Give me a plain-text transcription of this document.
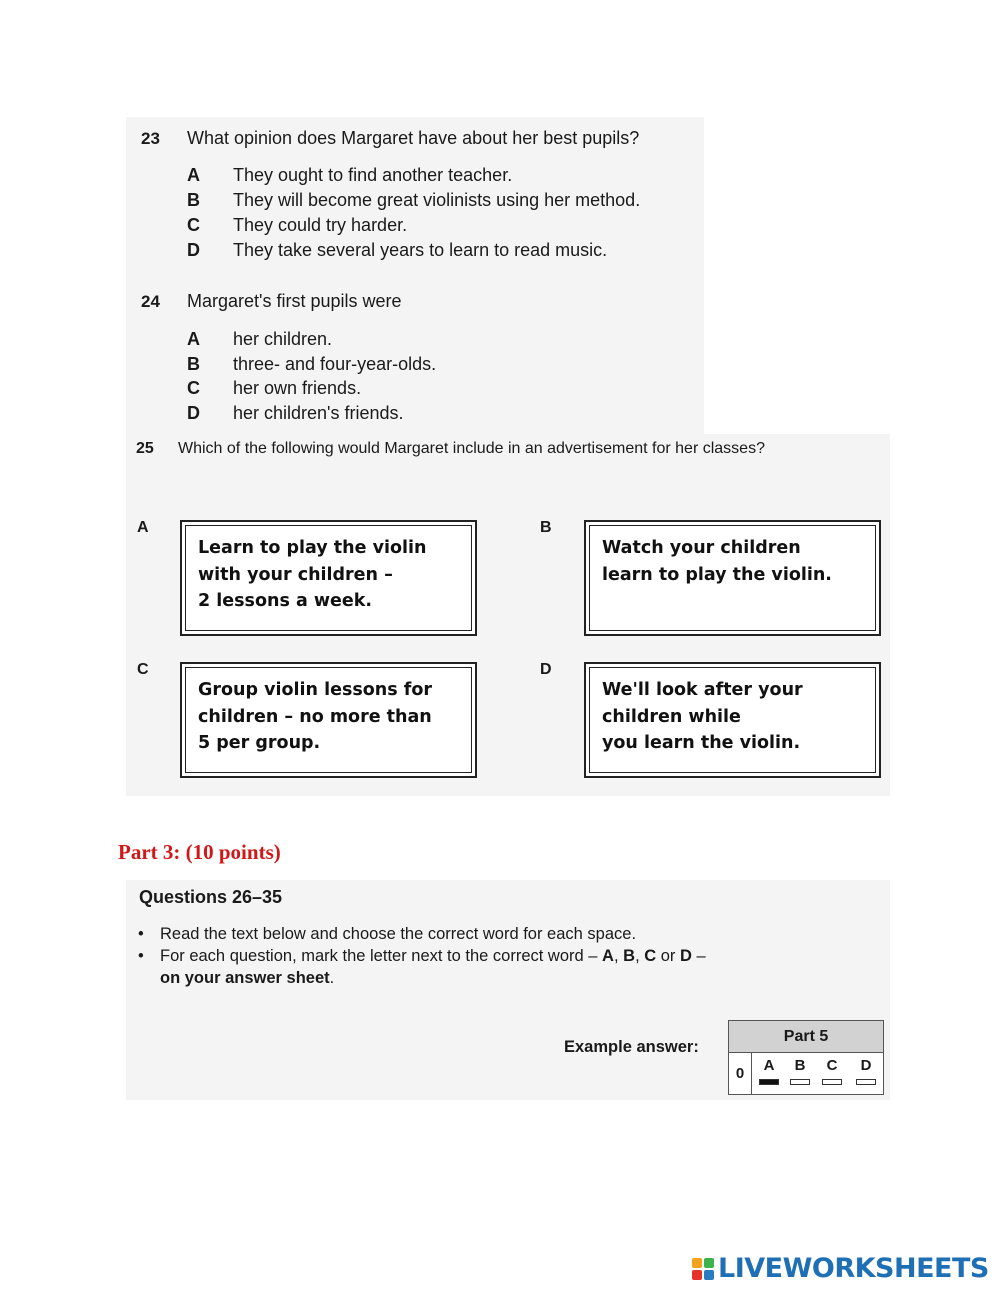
23 What opinion does Margaret have about her best pupils?
A	They ought to find another teacher.
B	They will become great violinists using her method.
C	They could try harder.
D	They take several years to learn to read music.
24 Margaret's first pupils were
A	her children.
B	three- and four-year-olds.
C	her own friends.
D	her children's friends.
25 Which of the following would Margaret include in an advertisement for her classes?
A
Learn to play the violin
with your children –
2 lessons a week.
B
Watch your children
learn to play the violin.
C
Group violin lessons for
children – no more than
5 per group.
D
We'll look after your
children while
you learn the violin.
Part 3: (10 points)
Questions 26–35
• Read the text below and choose the correct word for each space.
• For each question, mark the letter next to the correct word – A, B, C or D –
on your answer sheet.
Example answer:
Part 5
0	A	B	C	D
LIVEWORKSHEETS
